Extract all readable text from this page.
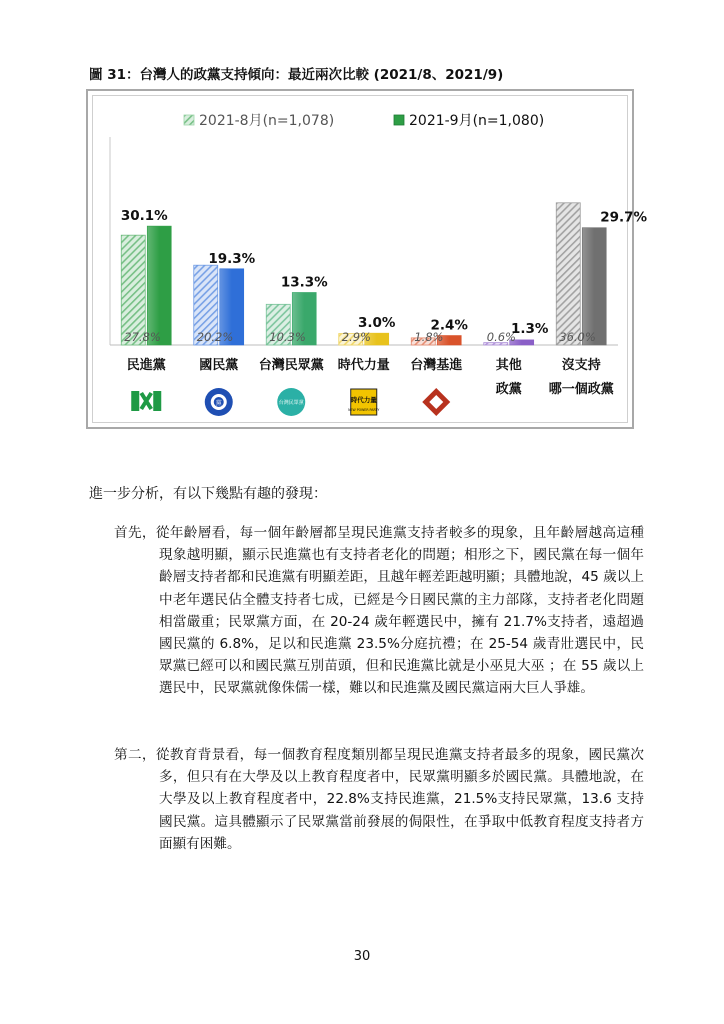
圖 31：台灣人的政黨支持傾向：最近兩次比較 (2021/8、2021/9)
2021-8月(n=1,078)	2021-9月(n=1,080)
27.8%
30.1%
民進黨
20.2%
19.3%
國民黨
10.3%
13.3%
台灣民眾黨
2.9%
3.0%
時代力量
1.8%
2.4%
台灣基進
0.6%
1.3%
其他
政黨
36.0%
29.7%
沒支持
哪一個政黨
黨	台灣民眾黨	時代力量
NEW POWER PARTY
進一步分析，有以下幾點有趣的發現：
首先，從年齡層看，每一個年齡層都呈現民進黨支持者較多的現象，且年齡層越高這種現象越明顯，顯示民進黨也有支持者老化的問題；相形之下，國民黨在每一個年齡層支持者都和民進黨有明顯差距，且越年輕差距越明顯；具體地說，45 歲以上中老年選民佔全體支持者七成，已經是今日國民黨的主力部隊，支持者老化問題相當嚴重；民眾黨方面，在 20-24 歲年輕選民中，擁有 21.7%支持者，遠超過國民黨的 6.8%，足以和民進黨 23.5%分庭抗禮；在 25-54 歲青壯選民中，民眾黨已經可以和國民黨互別苗頭，但和民進黨比就是小巫見大巫 ；在 55 歲以上選民中，民眾黨就像侏儒一樣，難以和民進黨及國民黨這兩大巨人爭雄。
第二，從教育背景看，每一個教育程度類別都呈現民進黨支持者最多的現象，國民黨次多，但只有在大學及以上教育程度者中，民眾黨明顯多於國民黨。具體地說，在大學及以上教育程度者中，22.8%支持民進黨，21.5%支持民眾黨，13.6 支持國民黨。這具體顯示了民眾黨當前發展的侷限性，在爭取中低教育程度支持者方面顯有困難。
30
